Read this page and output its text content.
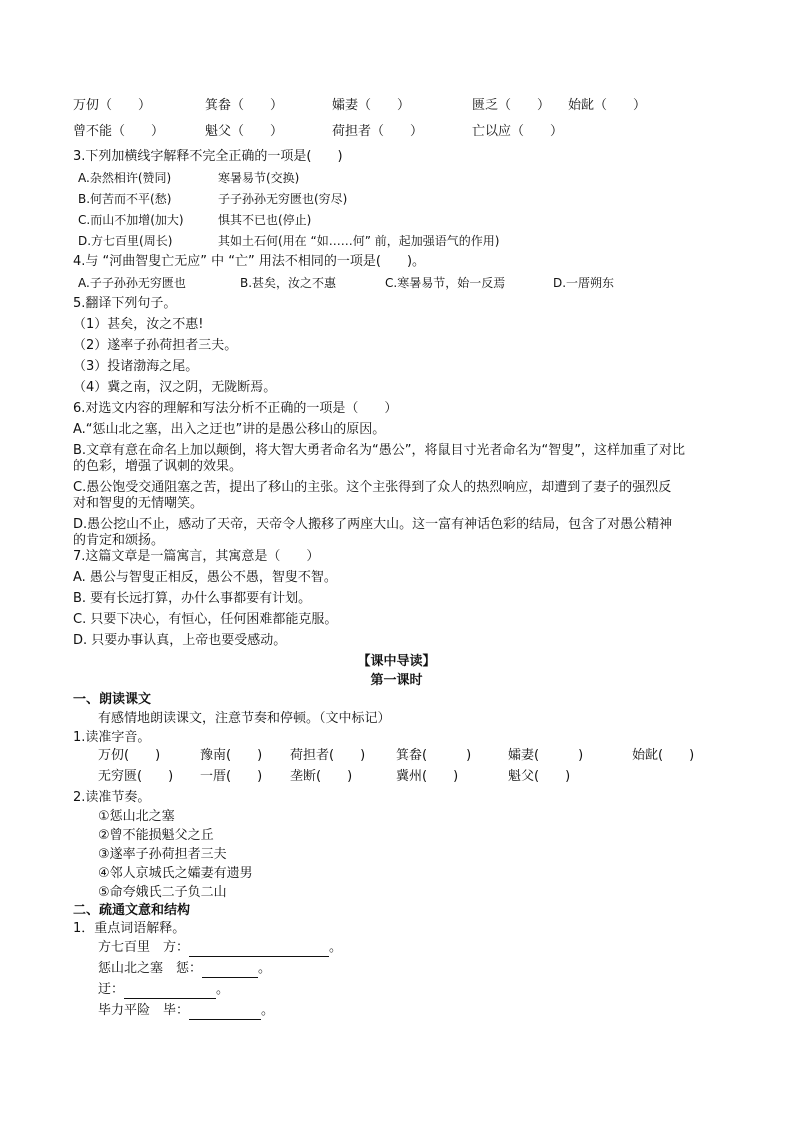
万仞（　　）	箕畚（　　）	孀妻（　　）	匮乏（　　） 始龀（　　）
曾不能（　　）	魁父（　　）	荷担者（　　）	亡以应（　　）
3.下列加横线字解释不完全正确的一项是(　　)
A.杂然相许(赞同)	寒暑易节(交换)
B.何苦而不平(愁)	子子孙孙无穷匮也(穷尽)
C.而山不加增(加大)	惧其不已也(停止)
D.方七百里(周长)	其如土石何(用在 “如……何” 前，起加强语气的作用)
4.与 “河曲智叟亡无应” 中 “亡” 用法不相同的一项是(　　)。
A.子子孙孙无穷匮也	B.甚矣，汝之不惠	C.寒暑易节，始一反焉	D.一厝朔东
5.翻译下列句子。
（1）甚矣，汝之不惠!
（2）遂率子孙荷担者三夫。
（3）投诸渤海之尾。
（4）冀之南，汉之阴，无陇断焉。
6.对选文内容的理解和写法分析不正确的一项是（　　）
A.“惩山北之塞，出入之迂也”讲的是愚公移山的原因。
B.文章有意在命名上加以颠倒，将大智大勇者命名为“愚公”，将鼠目寸光者命名为“智叟”，这样加重了对比
的色彩，增强了讽刺的效果。
C.愚公饱受交通阻塞之苦，提出了移山的主张。这个主张得到了众人的热烈响应，却遭到了妻子的强烈反
对和智叟的无情嘲笑。
D.愚公挖山不止，感动了天帝，天帝令人搬移了两座大山。这一富有神话色彩的结局，包含了对愚公精神
的肯定和颂扬。
7.这篇文章是一篇寓言，其寓意是（　　）
A. 愚公与智叟正相反，愚公不愚，智叟不智。
B. 要有长远打算，办什么事都要有计划。
C. 只要下决心，有恒心，任何困难都能克服。
D. 只要办事认真，上帝也要受感动。
【课中导读】
第一课时
一、朗读课文
有感情地朗读课文，注意节奏和停顿。（文中标记）
1.读准字音。
万仞(　　)	豫南(　　) 荷担者(　　) 箕畚(　　　)	孀妻(　　　)	始龀(　　)
无穷匮(　　) 一厝(　　) 垄断(　　)	冀州(　　)	魁父(　　)
2.读准节奏。
①惩山北之塞
②曾不能损魁父之丘
③遂率子孙荷担者三夫
④邻人京城氏之孀妻有遗男
⑤命夸娥氏二子负二山
二、疏通文意和结构
1．重点词语解释。
方七百里　方：	。
惩山北之塞　惩：	。
迂：	。
毕力平险　毕：	。
